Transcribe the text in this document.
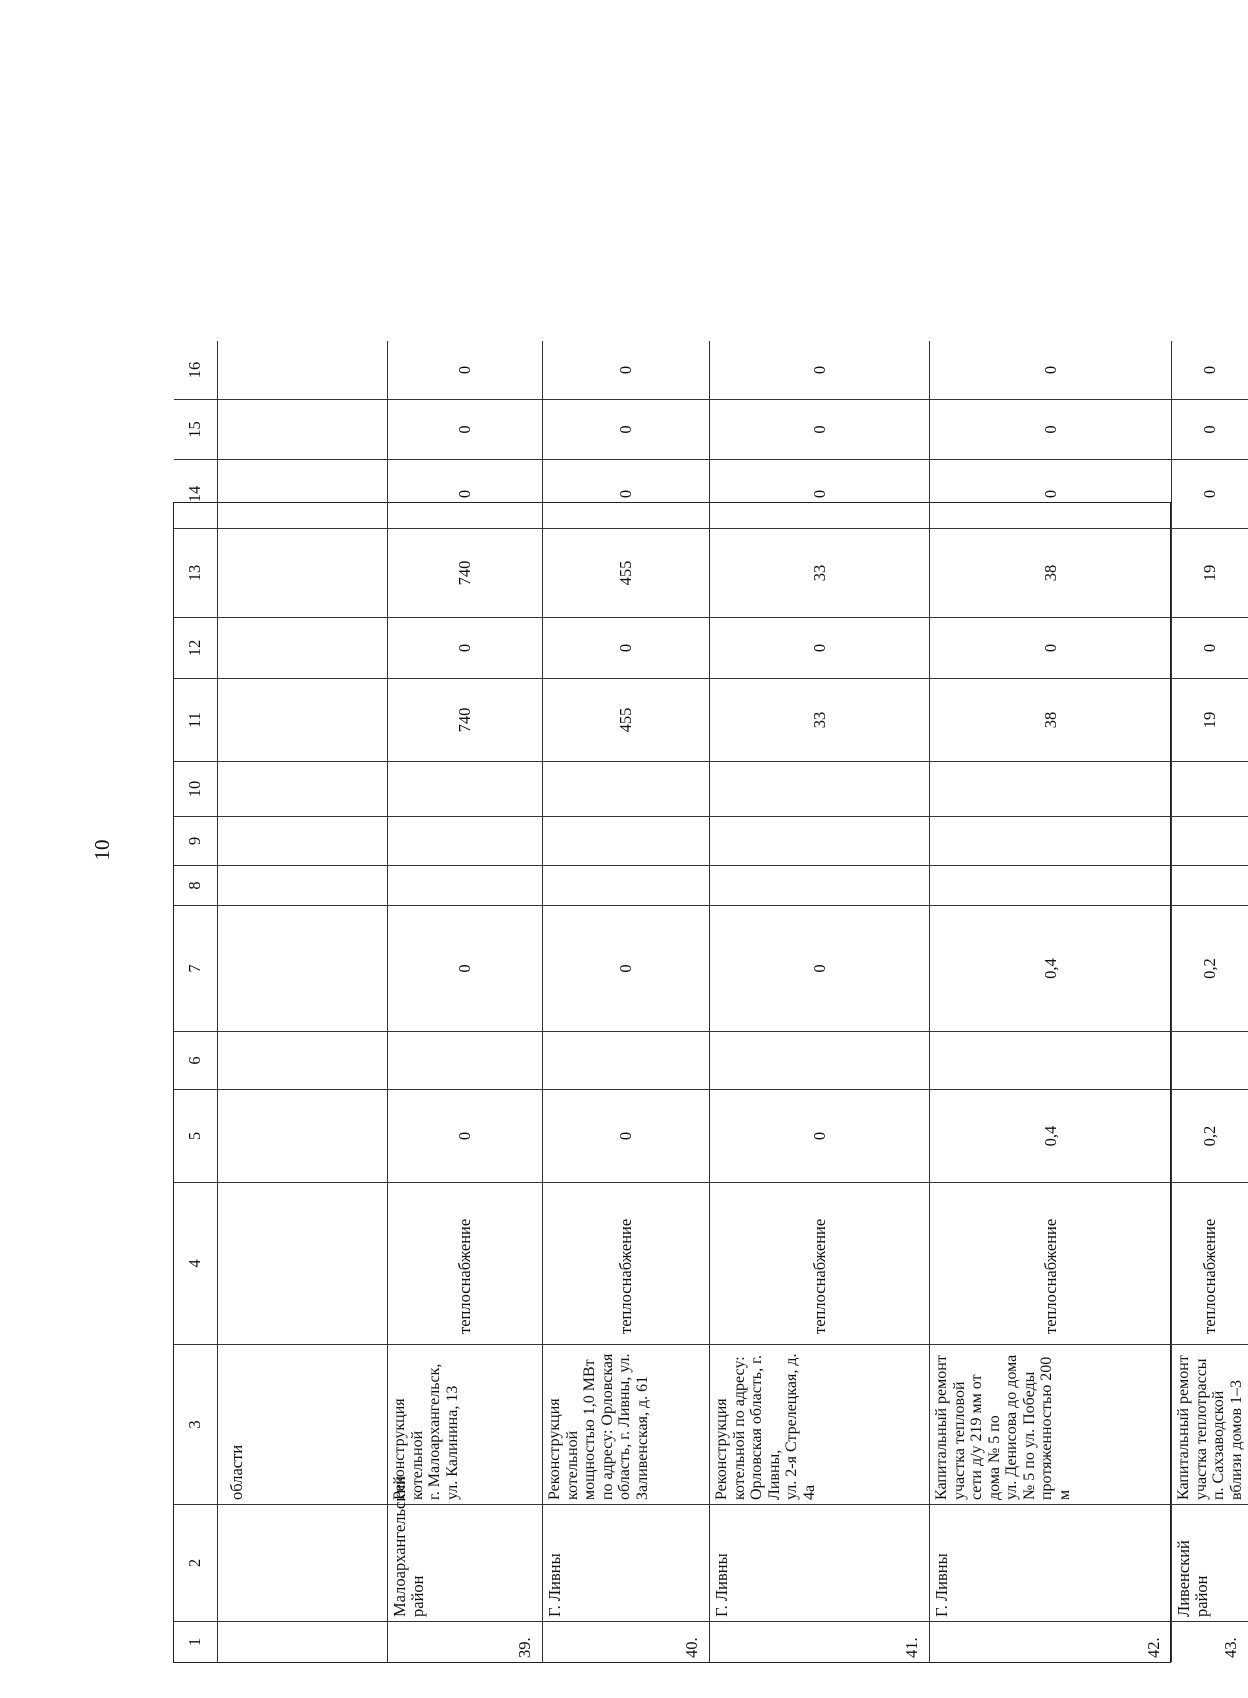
10
1
2
3
4
5
6
7
8
9
10
11
12
13
14
15
16
области
39.
Малоархангельский район
Реконструкция котельной
г. Малоархангельск,
ул. Калинина, 13
теплоснабжение
0
0
740
0
740
0
0
0
40.
Г. Ливны
Реконструкция котельной мощностью 1,0 МВт по адресу: Орловская область, г. Ливны, ул. Заливенская, д. 61
теплоснабжение
0
0
455
0
455
0
0
0
41.
Г. Ливны
Реконструкция котельной по адресу: Орловская область, г. Ливны,
ул. 2-я Стрелецкая, д. 4а
теплоснабжение
0
0
33
0
33
0
0
0
42.
Г. Ливны
Капитальный ремонт участка тепловой сети д/у 219 мм от дома № 5 по
ул. Денисова до дома № 5 по ул. Победы протяженностью 200 м
теплоснабжение
0,4
0,4
38
0
38
0
0
0
43.
Ливенский район
Капитальный ремонт участка теплотрассы п. Сахзаводской вблизи домов 1–3
теплоснабжение
0,2
0,2
19
0
19
0
0
0
